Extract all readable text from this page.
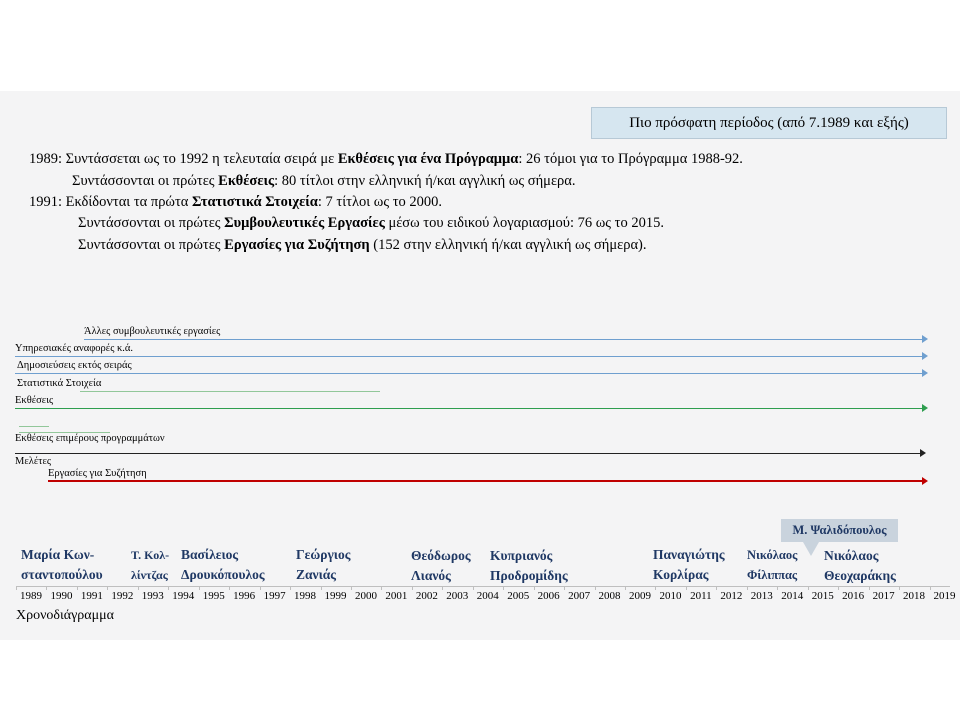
Πιο πρόσφατη περίοδος (από 7.1989 και εξής)
1989: Συντάσσεται ως το 1992 η τελευταία σειρά με Εκθέσεις για ένα Πρόγραμμα: 26 τόμοι για το Πρόγραμμα 1988-92.
Συντάσσονται οι πρώτες Εκθέσεις: 80 τίτλοι στην ελληνική ή/και αγγλική ως σήμερα.
1991: Εκδίδονται τα πρώτα Στατιστικά Στοιχεία: 7 τίτλοι ως το 2000.
Συντάσσονται οι πρώτες Συμβουλευτικές Εργασίες μέσω του ειδικού λογαριασμού: 76 ως το 2015.
Συντάσσονται οι πρώτες Εργασίες για Συζήτηση (152 στην ελληνική ή/και αγγλική ως σήμερα).
Άλλες συμβουλευτικές εργασίες
Υπηρεσιακές αναφορές κ.ά.
Δημοσιεύσεις εκτός σειράς
Στατιστικά Στοιχεία
Εκθέσεις
Εκθέσεις επιμέρους προγραμμάτων
Μελέτες
Εργασίες για Συζήτηση
Μαρία Κων-
σταντοπούλου
Τ. Κολ-
λίντζας
Βασίλειος
Δρουκόπουλος
Γεώργιος
Ζανιάς
Θεόδωρος
Λιανός
Κυπριανός
Προδρομίδης
Παναγιώτης
Κορλίρας
Νικόλαος
Φίλιππας
Νικόλαος
Θεοχαράκης
Μ. Ψαλιδόπουλος
1989 1990 1991 1992 1993 1994 1995 1996 1997 1998 1999 2000 2001 2002 2003 2004 2005 2006 2007 2008 2009 2010 2011 2012 2013 2014 2015 2016 2017 2018 2019
Χρονοδιάγραμμα
